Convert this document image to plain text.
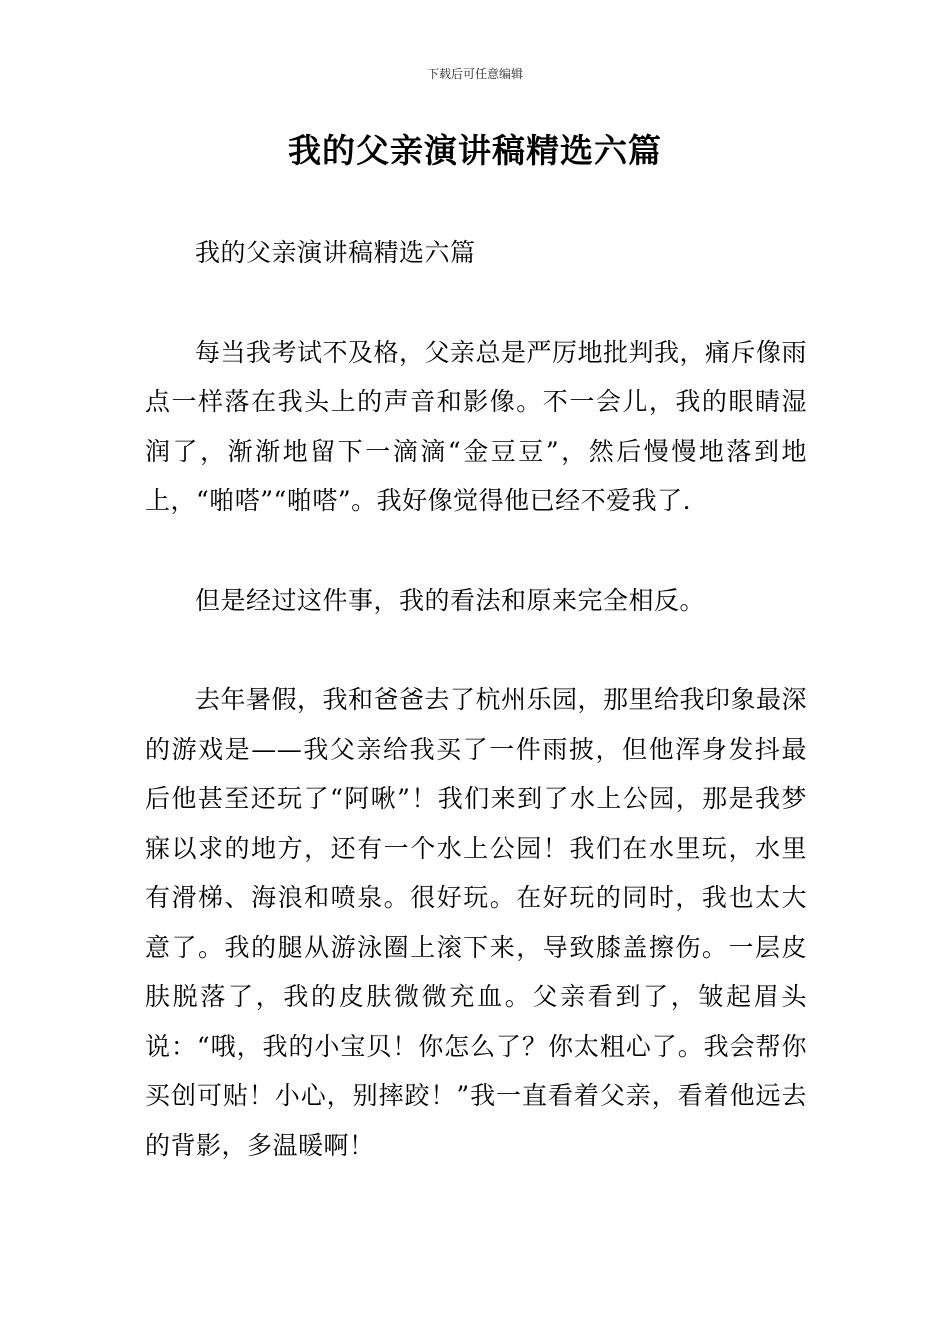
下载后可任意编辑
我的父亲演讲稿精选六篇

我的父亲演讲稿精选六篇

每当我考试不及格，父亲总是严厉地批判我，痛斥像雨点一样落在我头上的声音和影像。不一会儿，我的眼睛湿润了，渐渐地留下一滴滴“金豆豆”，然后慢慢地落到地上，“啪嗒”“啪嗒”。我好像觉得他已经不爱我了.

但是经过这件事，我的看法和原来完全相反。

去年暑假，我和爸爸去了杭州乐园，那里给我印象最深的游戏是——我父亲给我买了一件雨披，但他浑身发抖最后他甚至还玩了“阿啾”！我们来到了水上公园，那是我梦寐以求的地方，还有一个水上公园！我们在水里玩，水里有滑梯、海浪和喷泉。很好玩。在好玩的同时，我也太大意了。我的腿从游泳圈上滚下来，导致膝盖擦伤。一层皮肤脱落了，我的皮肤微微充血。父亲看到了，皱起眉头说：“哦，我的小宝贝！你怎么了？你太粗心了。我会帮你买创可贴！小心，别摔跤！”我一直看着父亲，看着他远去的背影，多温暖啊！
